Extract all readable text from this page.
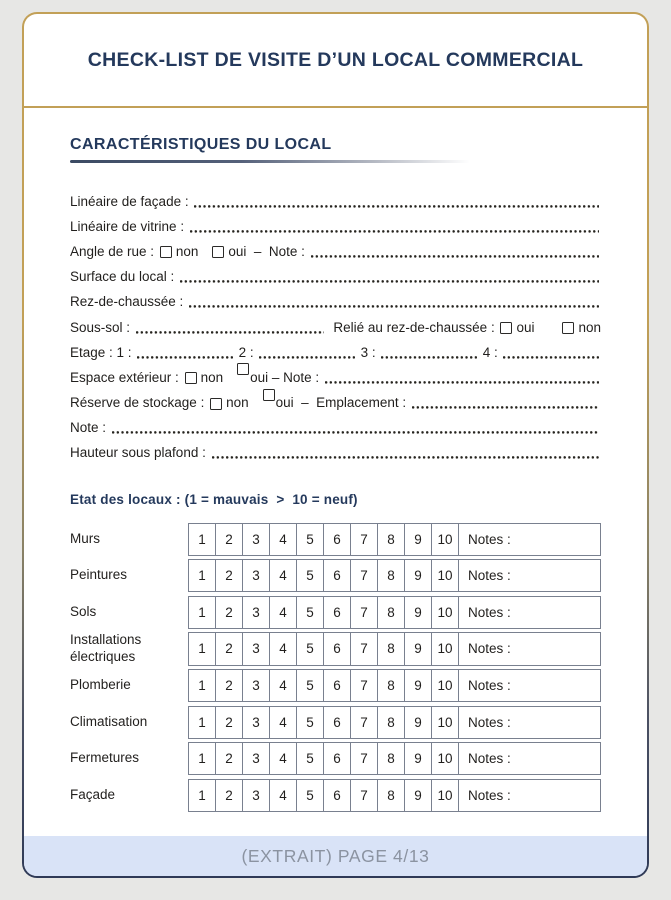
CHECK-LIST DE VISITE D’UN LOCAL COMMERCIAL
CARACTÉRISTIQUES DU LOCAL
Linéaire de façade :
Linéaire de vitrine :
Angle de rue : non oui –  Note :
Surface du local :
Rez-de-chaussée :
Sous-sol :	Relié au rez-de-chaussée : oui	non
Etage : 1 :	2 :	3 :	4 :
Espace extérieur : non oui – Note :
Réserve de stockage : non oui –  Emplacement :
Note :
Hauteur sous plafond :
Etat des locaux : (1 = mauvais  >  10 = neuf)
Murs	1	2	3	4	5	6	7	8	9	10	Notes :
Peintures	1	2	3	4	5	6	7	8	9	10	Notes :
Sols	1	2	3	4	5	6	7	8	9	10	Notes :
Installations électriques	1	2	3	4	5	6	7	8	9	10	Notes :
Plomberie	1	2	3	4	5	6	7	8	9	10	Notes :
Climatisation	1	2	3	4	5	6	7	8	9	10	Notes :
Fermetures	1	2	3	4	5	6	7	8	9	10	Notes :
Façade	1	2	3	4	5	6	7	8	9	10	Notes :
(EXTRAIT) PAGE 4/13
